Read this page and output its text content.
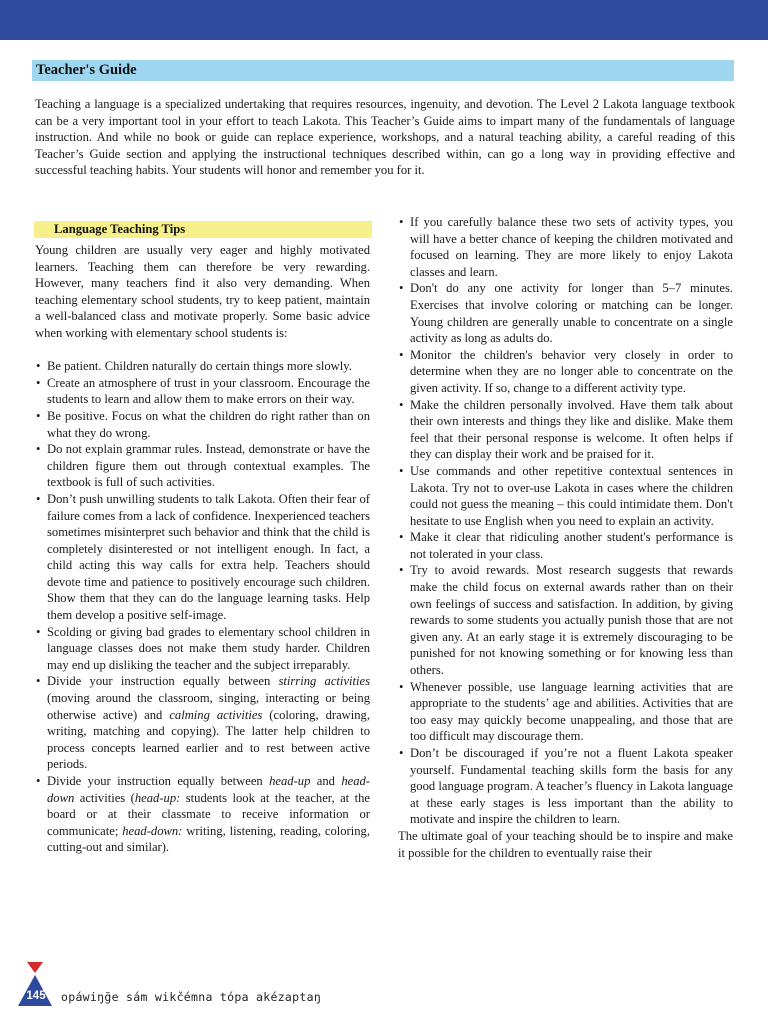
Teacher's Guide

Teaching a language is a specialized undertaking that requires resources, ingenuity, and devotion. The Level 2 Lakota language textbook can be a very important tool in your effort to teach Lakota. This Teacher’s Guide aims to impart many of the fundamentals of language instruction. And while no book or guide can replace experience, workshops, and a natural teaching ability, a careful reading of this Teacher’s Guide section and applying the instructional techniques described within, can go a long way in providing effective and successful teaching habits. Your students will honor and remember you for it.

Language Teaching Tips

Young children are usually very eager and highly motivated learners. Teaching them can therefore be very rewarding. However, many teachers find it also very demanding. When teaching elementary school students, try to keep patient, maintain a well-balanced class and motivate properly. Some basic advice when working with elementary school students is:

• Be patient. Children naturally do certain things more slowly.
• Create an atmosphere of trust in your classroom. Encourage the students to learn and allow them to make errors on their way.
• Be positive. Focus on what the children do right rather than on what they do wrong.
• Do not explain grammar rules. Instead, demonstrate or have the children figure them out through contextual examples. The textbook is full of such activities.
• Don’t push unwilling students to talk Lakota. Often their fear of failure comes from a lack of confidence. Inexperienced teachers sometimes misinterpret such behavior and think that the child is completely disinterested or not intelligent enough. In fact, a child acting this way calls for extra help. Teachers should devote time and patience to positively encourage such children. Show them that they can do the language learning tasks. Help them develop a positive self-image.
• Scolding or giving bad grades to elementary school children in language classes does not make them study harder. Children may end up disliking the teacher and the subject irreparably.
• Divide your instruction equally between stirring activities (moving around the classroom, singing, interacting or being otherwise active) and calming activities (coloring, drawing, writing, matching and copying). The latter help children to process concepts learned earlier and to rest between active periods.
• Divide your instruction equally between head-up and head-down activities (head-up: students look at the teacher, at the board or at their classmate to receive information or communicate; head-down: writing, listening, reading, coloring, cutting-out and similar).
• If you carefully balance these two sets of activity types, you will have a better chance of keeping the children motivated and focused on learning. They are more likely to enjoy Lakota classes and learn.
• Don't do any one activity for longer than 5–7 minutes. Exercises that involve coloring or matching can be longer. Young children are generally unable to concentrate on a single activity as long as adults do.
• Monitor the children's behavior very closely in order to determine when they are no longer able to concentrate on the given activity. If so, change to a different activity type.
• Make the children personally involved. Have them talk about their own interests and things they like and dislike. Make them feel that their personal response is welcome. It often helps if they can display their work and be praised for it.
• Use commands and other repetitive contextual sentences in Lakota. Try not to over-use Lakota in cases where the children could not guess the meaning – this could intimidate them. Don't hesitate to use English when you need to explain an activity.
• Make it clear that ridiculing another student's performance is not tolerated in your class.
• Try to avoid rewards. Most research suggests that rewards make the child focus on external awards rather than on their own feelings of success and satisfaction. In addition, by giving rewards to some students you actually punish those that are not given any. At an early stage it is extremely discouraging to be punished for not knowing something or for knowing less than others.
• Whenever possible, use language learning activities that are appropriate to the students’ age and abilities. Activities that are too easy may quickly become unappealing, and those that are too difficult may discourage them.
• Don’t be discouraged if you’re not a fluent Lakota speaker yourself. Fundamental teaching skills form the basis for any good language program. A teacher’s fluency in Lakota language at these early stages is less important than the ability to motivate and inspire the children to learn.

The ultimate goal of your teaching should be to inspire and make it possible for the children to eventually raise their

145	opáwiŋğe sám wikčémna tópa akézaptaŋ
